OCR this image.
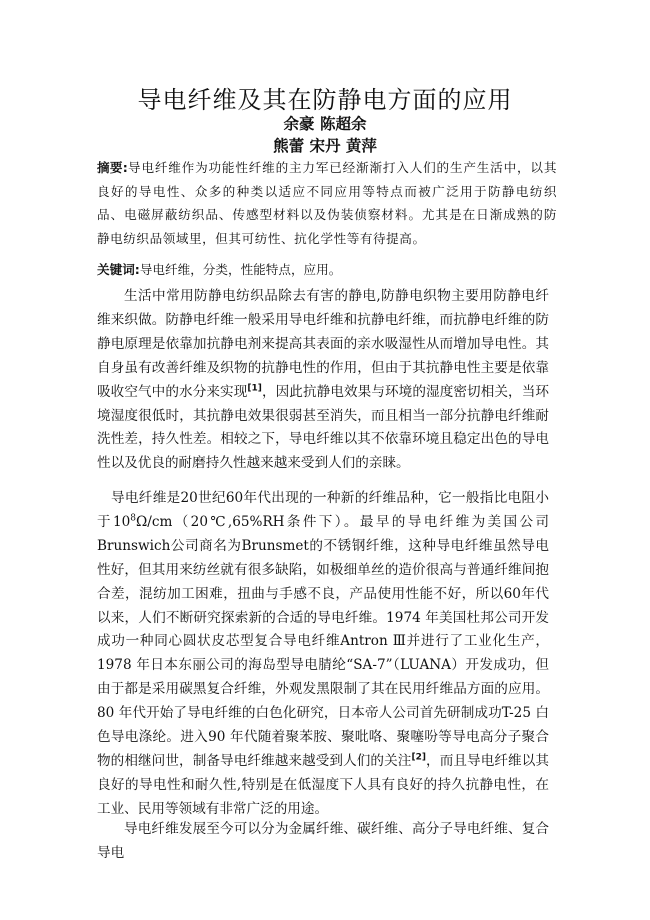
导电纤维及其在防静电方面的应用
余豪 陈超余
熊蕾 宋丹 黄萍
摘要:导电纤维作为功能性纤维的主力军已经渐渐打入人们的生产生活中，以其良好的导电性、众多的种类以适应不同应用等特点而被广泛用于防静电纺织品、电磁屏蔽纺织品、传感型材料以及伪装侦察材料。尤其是在日渐成熟的防静电纺织品领域里，但其可纺性、抗化学性等有待提高。
关键词:导电纤维，分类，性能特点，应用。
生活中常用防静电纺织品除去有害的静电,防静电织物主要用防静电纤维来织做。防静电纤维一般采用导电纤维和抗静电纤维，而抗静电纤维的防静电原理是依靠加抗静电剂来提高其表面的亲水吸湿性从而增加导电性。其自身虽有改善纤维及织物的抗静电性的作用，但由于其抗静电性主要是依靠吸收空气中的水分来实现[1]，因此抗静电效果与环境的湿度密切相关，当环境湿度很低时，其抗静电效果很弱甚至消失，而且相当一部分抗静电纤维耐洗性差，持久性差。相较之下，导电纤维以其不依靠环境且稳定出色的导电性以及优良的耐磨持久性越来越来受到人们的亲睐。
导电纤维是20世纪60年代出现的一种新的纤维品种，它一般指比电阻小于$10^8\Omega/cm(20℃,65\%RH$条件下）。最早的导电纤维为美国公司Brunswich公司商名为Brunsmet的不锈钢纤维，这种导电纤维虽然导电性好，但其用来纺丝就有很多缺陷，如极细单丝的造价很高与普通纤维间抱合差，混纺加工困难，扭曲与手感不良，产品使用性能不好，所以60年代以来，人们不断研究探索新的合适的导电纤维。1974 年美国杜邦公司开发成功一种同心圆状皮芯型复合导电纤维Antron Ⅲ并进行了工业化生产，1978 年日本东丽公司的海岛型导电腈纶“SA-7”（LUANA）开发成功，但由于都是采用碳黑复合纤维，外观发黑限制了其在民用纤维品方面的应用。80 年代开始了导电纤维的白色化研究，日本帝人公司首先研制成功T-25 白色导电涤纶。进入90 年代随着聚苯胺、聚吡咯、聚噻吩等导电高分子聚合物的相继问世，制备导电纤维越来越受到人们的关注[2]，而且导电纤维以其良好的导电性和耐久性,特别是在低湿度下人具有良好的持久抗静电性，在工业、民用等领域有非常广泛的用途。
导电纤维发展至今可以分为金属纤维、碳纤维、高分子导电纤维、复合导电
